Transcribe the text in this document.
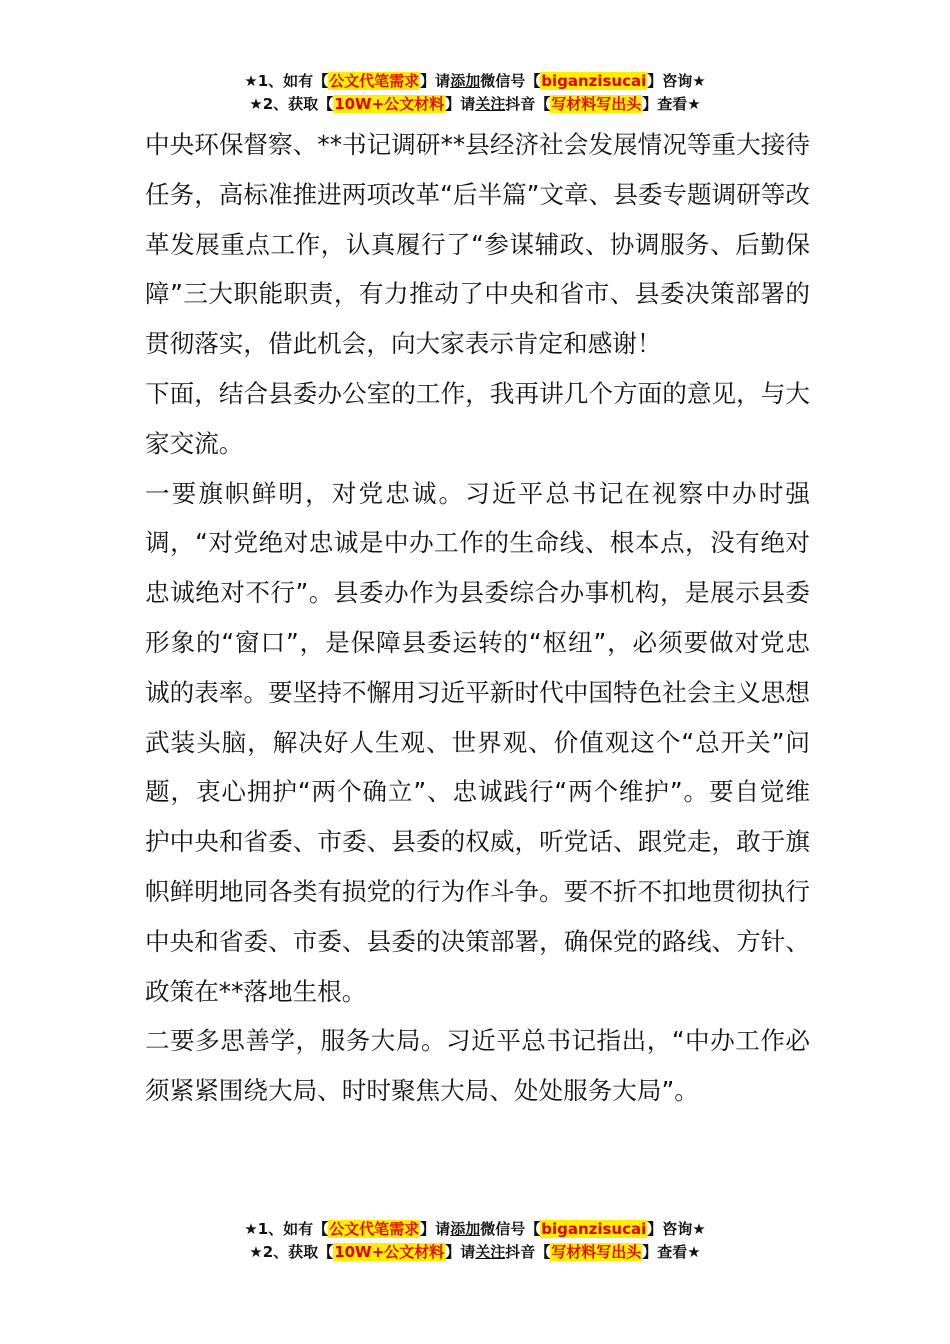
★1、如有【公文代笔需求】请添加微信号【biganzisucai】咨询★
★2、获取【10W+公文材料】请关注抖音【写材料写出头】查看★

中央环保督察、**书记调研**县经济社会发展情况等重大接待任务，高标准推进两项改革“后半篇”文章、县委专题调研等改革发展重点工作，认真履行了“参谋辅政、协调服务、后勤保障”三大职能职责，有力推动了中央和省市、县委决策部署的贯彻落实，借此机会，向大家表示肯定和感谢！

下面，结合县委办公室的工作，我再讲几个方面的意见，与大家交流。

一要旗帜鲜明，对党忠诚。习近平总书记在视察中办时强调，“对党绝对忠诚是中办工作的生命线、根本点，没有绝对忠诚绝对不行”。县委办作为县委综合办事机构，是展示县委形象的“窗口”，是保障县委运转的“枢纽”，必须要做对党忠诚的表率。要坚持不懈用习近平新时代中国特色社会主义思想武装头脑，解决好人生观、世界观、价值观这个“总开关”问题，衷心拥护“两个确立”、忠诚践行“两个维护”。要自觉维护中央和省委、市委、县委的权威，听党话、跟党走，敢于旗帜鲜明地同各类有损党的行为作斗争。要不折不扣地贯彻执行中央和省委、市委、县委的决策部署，确保党的路线、方针、政策在**落地生根。

二要多思善学，服务大局。习近平总书记指出，“中办工作必须紧紧围绕大局、时时聚焦大局、处处服务大局”。

★1、如有【公文代笔需求】请添加微信号【biganzisucai】咨询★
★2、获取【10W+公文材料】请关注抖音【写材料写出头】查看★
